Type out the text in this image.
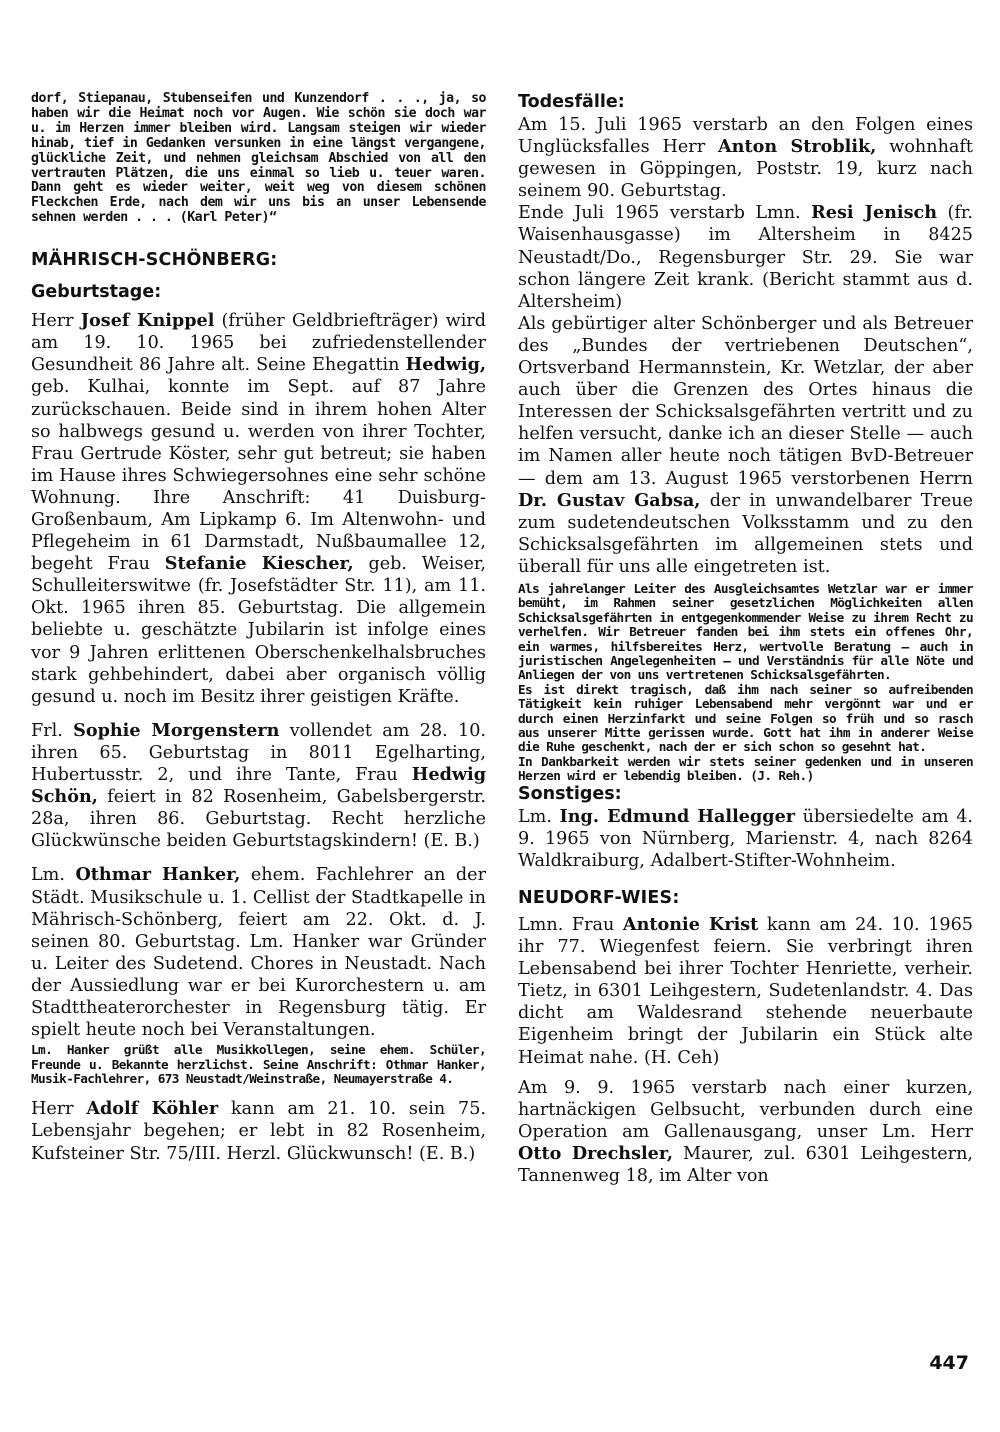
dorf, Stiepanau, Stubenseifen und Kunzendorf . . ., ja, so haben wir die Heimat noch vor Augen. Wie schön sie doch war u. im Herzen immer bleiben wird. Langsam steigen wir wieder hinab, tief in Gedanken versunken in eine längst vergangene, glückliche Zeit, und nehmen gleichsam Abschied von all den vertrauten Plätzen, die uns einmal so lieb u. teuer waren. Dann geht es wieder weiter, weit weg von diesem schönen Fleckchen Erde, nach dem wir uns bis an unser Lebensende sehnen werden . . . (Karl Peter)“

MÄHRISCH-SCHÖNBERG:
Geburtstage:

Herr Josef Knippel (früher Geldbriefträger) wird am 19. 10. 1965 bei zufriedenstellender Gesundheit 86 Jahre alt. Seine Ehegattin Hedwig, geb. Kulhai, konnte im Sept. auf 87 Jahre zurückschauen. Beide sind in ihrem hohen Alter so halbwegs gesund u. werden von ihrer Tochter, Frau Gertrude Köster, sehr gut betreut; sie haben im Hause ihres Schwiegersohnes eine sehr schöne Wohnung. Ihre Anschrift: 41 Duisburg-Großenbaum, Am Lipkamp 6. Im Altenwohn- und Pflegeheim in 61 Darmstadt, Nußbaumallee 12, begeht Frau Stefanie Kiescher, geb. Weiser, Schulleiterswitwe (fr. Josefstädter Str. 11), am 11. Okt. 1965 ihren 85. Geburtstag. Die allgemein beliebte u. geschätzte Jubilarin ist infolge eines vor 9 Jahren erlittenen Oberschenkelhalsbruches stark gehbehindert, dabei aber organisch völlig gesund u. noch im Besitz ihrer geistigen Kräfte.

Frl. Sophie Morgenstern vollendet am 28. 10. ihren 65. Geburtstag in 8011 Egelharting, Hubertusstr. 2, und ihre Tante, Frau Hedwig Schön, feiert in 82 Rosenheim, Gabelsbergerstr. 28a, ihren 86. Geburtstag. Recht herzliche Glückwünsche beiden Geburtstagskindern! (E. B.)

Lm. Othmar Hanker, ehem. Fachlehrer an der Städt. Musikschule u. 1. Cellist der Stadtkapelle in Mährisch-Schönberg, feiert am 22. Okt. d. J. seinen 80. Geburtstag. Lm. Hanker war Gründer u. Leiter des Sudetend. Chores in Neustadt. Nach der Aussiedlung war er bei Kurorchestern u. am Stadttheaterorchester in Regensburg tätig. Er spielt heute noch bei Veranstaltungen.

Lm. Hanker grüßt alle Musikkollegen, seine ehem. Schüler, Freunde u. Bekannte herzlichst. Seine Anschrift: Othmar Hanker, Musik-Fachlehrer, 673 Neustadt/Weinstraße, Neumayerstraße 4.

Herr Adolf Köhler kann am 21. 10. sein 75. Lebensjahr begehen; er lebt in 82 Rosenheim, Kufsteiner Str. 75/III. Herzl. Glückwunsch! (E. B.)

Todesfälle:

Am 15. Juli 1965 verstarb an den Folgen eines Unglücksfalles Herr Anton Stroblik, wohnhaft gewesen in Göppingen, Poststr. 19, kurz nach seinem 90. Geburtstag.

Ende Juli 1965 verstarb Lmn. Resi Jenisch (fr. Waisenhausgasse) im Altersheim in 8425 Neustadt/Do., Regensburger Str. 29. Sie war schon längere Zeit krank. (Bericht stammt aus d. Altersheim)

Als gebürtiger alter Schönberger und als Betreuer des „Bundes der vertriebenen Deutschen“, Ortsverband Hermannstein, Kr. Wetzlar, der aber auch über die Grenzen des Ortes hinaus die Interessen der Schicksalsgefährten vertritt und zu helfen versucht, danke ich an dieser Stelle — auch im Namen aller heute noch tätigen BvD-Betreuer — dem am 13. August 1965 verstorbenen Herrn Dr. Gustav Gabsa, der in unwandelbarer Treue zum sudetendeutschen Volksstamm und zu den Schicksalsgefährten im allgemeinen stets und überall für uns alle eingetreten ist.

Als jahrelanger Leiter des Ausgleichsamtes Wetzlar war er immer bemüht, im Rahmen seiner gesetzlichen Möglichkeiten allen Schicksalsgefährten in entgegenkommender Weise zu ihrem Recht zu verhelfen. Wir Betreuer fanden bei ihm stets ein offenes Ohr, ein warmes, hilfsbereites Herz, wertvolle Beratung — auch in juristischen Angelegenheiten — und Verständnis für alle Nöte und Anliegen der von uns vertretenen Schicksalsgefährten.

Es ist direkt tragisch, daß ihm nach seiner so aufreibenden Tätigkeit kein ruhiger Lebensabend mehr vergönnt war und er durch einen Herzinfarkt und seine Folgen so früh und so rasch aus unserer Mitte gerissen wurde. Gott hat ihm in anderer Weise die Ruhe geschenkt, nach der er sich schon so gesehnt hat.

In Dankbarkeit werden wir stets seiner gedenken und in unseren Herzen wird er lebendig bleiben. (J. Reh.)

Sonstiges:

Lm. Ing. Edmund Hallegger übersiedelte am 4. 9. 1965 von Nürnberg, Marienstr. 4, nach 8264 Waldkraiburg, Adalbert-Stifter-Wohnheim.

NEUDORF-WIES:

Lmn. Frau Antonie Krist kann am 24. 10. 1965 ihr 77. Wiegenfest feiern. Sie verbringt ihren Lebensabend bei ihrer Tochter Henriette, verheir. Tietz, in 6301 Leihgestern, Sudetenlandstr. 4. Das dicht am Waldesrand stehende neuerbaute Eigenheim bringt der Jubilarin ein Stück alte Heimat nahe. (H. Ceh)

Am 9. 9. 1965 verstarb nach einer kurzen, hartnäckigen Gelbsucht, verbunden durch eine Operation am Gallenausgang, unser Lm. Herr Otto Drechsler, Maurer, zul. 6301 Leihgestern, Tannenweg 18, im Alter von

447
